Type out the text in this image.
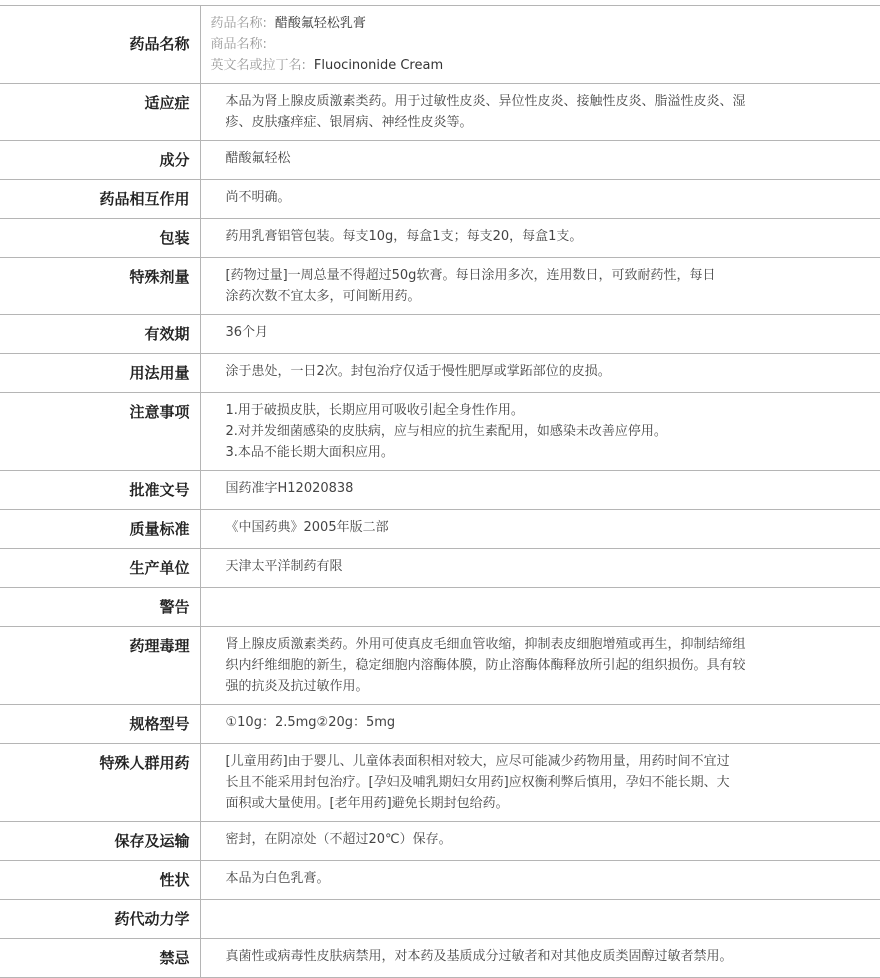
药品名称	药品名称: 醋酸氟轻松乳膏
商品名称:
英文名或拉丁名: Fluocinonide Cream

适应症	本品为肾上腺皮质激素类药。用于过敏性皮炎、异位性皮炎、接触性皮炎、脂溢性皮炎、湿
疹、皮肤瘙痒症、银屑病、神经性皮炎等。

成分	醋酸氟轻松

药品相互作用	尚不明确。

包装	药用乳膏铝管包装。每支10g，每盒1支；每支20，每盒1支。

特殊剂量	[药物过量]一周总量不得超过50g软膏。每日涂用多次，连用数日，可致耐药性，每日
涂药次数不宜太多，可间断用药。

有效期	36个月

用法用量	涂于患处，一日2次。封包治疗仅适于慢性肥厚或掌跖部位的皮损。

注意事项	1.用于破损皮肤，长期应用可吸收引起全身性作用。
2.对并发细菌感染的皮肤病，应与相应的抗生素配用，如感染未改善应停用。
3.本品不能长期大面积应用。

批准文号	国药准字H12020838

质量标准	《中国药典》2005年版二部

生产单位	天津太平洋制药有限

警告	

药理毒理	肾上腺皮质激素类药。外用可使真皮毛细血管收缩，抑制表皮细胞增殖或再生，抑制结缔组
织内纤维细胞的新生，稳定细胞内溶酶体膜，防止溶酶体酶释放所引起的组织损伤。具有较
强的抗炎及抗过敏作用。

规格型号	①10g：2.5mg②20g：5mg

特殊人群用药	[儿童用药]由于婴儿、儿童体表面积相对较大，应尽可能减少药物用量，用药时间不宜过
长且不能采用封包治疗。[孕妇及哺乳期妇女用药]应权衡利弊后慎用，孕妇不能长期、大
面积或大量使用。[老年用药]避免长期封包给药。

保存及运输	密封，在阴凉处（不超过20℃）保存。

性状	本品为白色乳膏。

药代动力学	

禁忌	真菌性或病毒性皮肤病禁用，对本药及基质成分过敏者和对其他皮质类固醇过敏者禁用。
